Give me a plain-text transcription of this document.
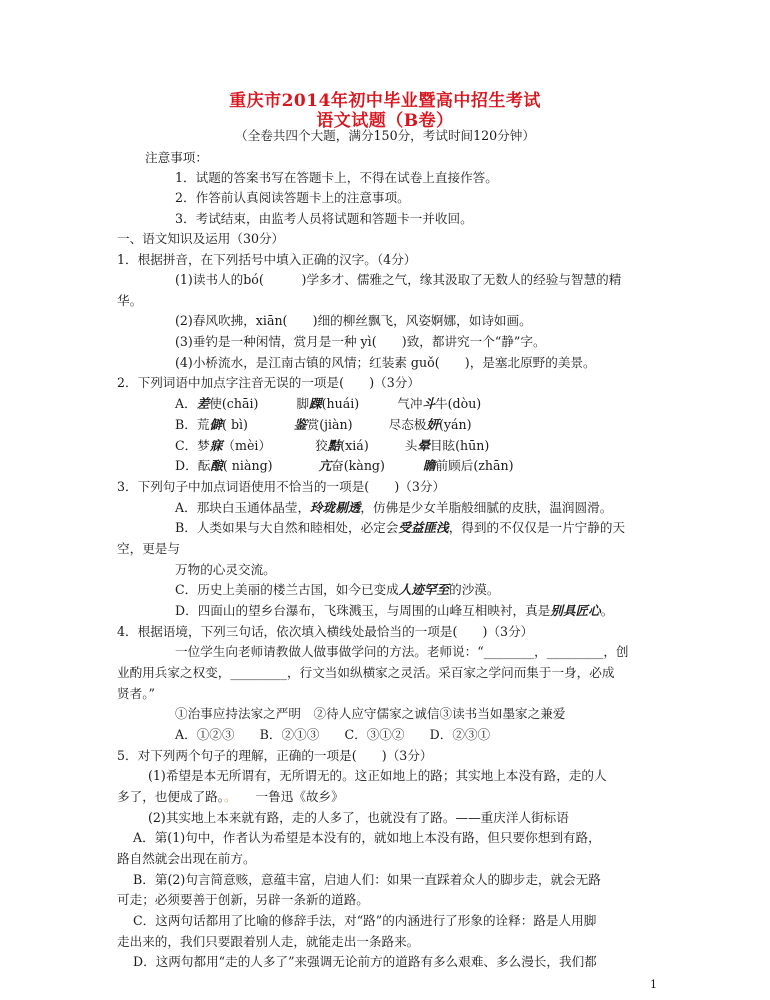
重庆市2014年初中毕业暨高中招生考试
语文试题（B卷）
（全卷共四个大题，满分150分，考试时间120分钟）
注意事项：
1．试题的答案书写在答题卡上，不得在试卷上直接作答。
2．作答前认真阅读答题卡上的注意事项。
3．考试结束，由监考人员将试题和答题卡一并收回。
一、语文知识及运用（30分）
1．根据拼音，在下列括号中填入正确的汉字。（4分）
(1)读书人的bó(　　　)学多才、儒雅之气，缘其汲取了无数人的经验与智慧的精
华。
(2)春风吹拂，xiān(　　)细的柳丝飘飞，风姿婀娜，如诗如画。
(3)垂钓是一种闲情，赏月是一种 yì(　　)致，都讲究一个“静”字。
(4)小桥流水，是江南古镇的风情；红装素 guǒ(　　)，是塞北原野的美景。
2．下列词语中加点字注音无误的一项是(　　)（3分）
A．差使(chāi)	脚踝(huái)	气冲斗牛(dòu)
B．荒僻( bì)	鉴赏(jiàn)	尽态极妍(yán)
C．梦寐（mèi）	狡黠(xiá)	头晕目眩(hūn)
D．酝酿( niàng)	亢奋(kàng)	瞻前顾后(zhān)
3．下列句子中加点词语使用不恰当的一项是(　　)（3分）
A．那块白玉通体晶莹，玲珑剔透，仿佛是少女羊脂般细腻的皮肤，温润圆滑。
B．人类如果与大自然和睦相处，必定会受益匪浅，得到的不仅仅是一片宁静的天
空，更是与
万物的心灵交流。
C．历史上美丽的楼兰古国，如今已变成人迹罕至的沙漠。
D．四面山的望乡台瀑布，飞珠溅玉，与周围的山峰互相映衬，真是别具匠心。
4．根据语境，下列三句话，依次填入横线处最恰当的一项是(　　)（3分）
一位学生向老师请教做人做事做学问的方法。老师说：“________，_________，创
业酌用兵家之权变，_________，行文当如纵横家之灵活。采百家之学问而集于一身，必成
贤者。”
①治事应持法家之严明　②待人应守儒家之诚信③读书当如墨家之兼爱
A．①②③　　B．②①③　　C．③①②　　D．②③①
5．对下列两个句子的理解，正确的一项是(　　)（3分）
(1)希望是本无所谓有，无所谓无的。这正如地上的路；其实地上本没有路，走的人
多了，也便成了路。。　　一鲁迅《故乡》
(2)其实地上本来就有路，走的人多了，也就没有了路。——重庆洋人街标语
A．第(1)句中，作者认为希望是本没有的，就如地上本没有路，但只要你想到有路，
路自然就会出现在前方。
B．第(2)句言简意赅，意蕴丰富，启迪人们：如果一直踩着众人的脚步走，就会无路
可走；必须要善于创新，另辟一条新的道路。
C．这两句话都用了比喻的修辞手法，对“路”的内涵进行了形象的诠释：路是人用脚
走出来的，我们只要跟着别人走，就能走出一条路来。
D．这两句都用“走的人多了”来强调无论前方的道路有多么艰难、多么漫长，我们都
1
